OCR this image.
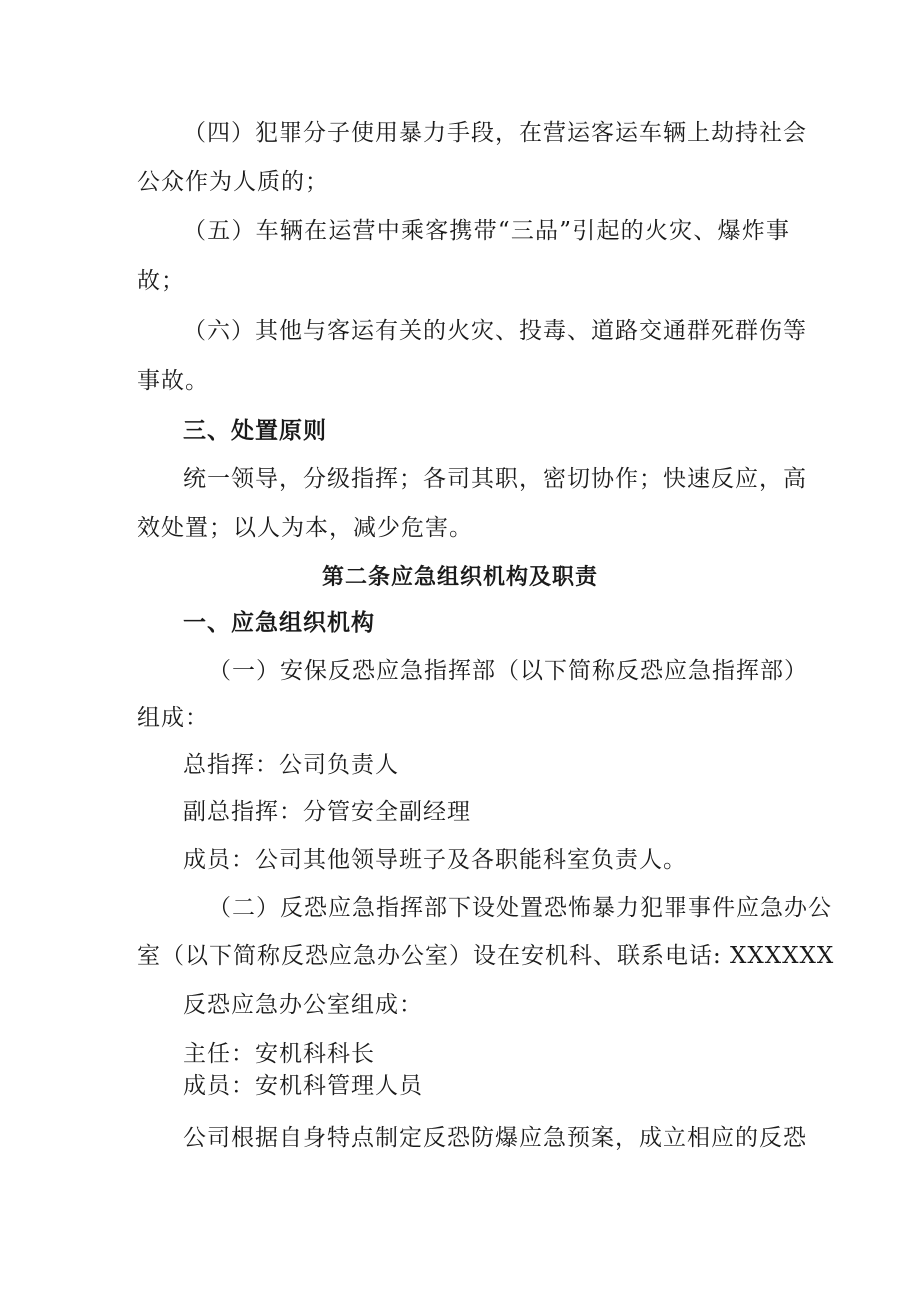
（四）犯罪分子使用暴力手段，在营运客运车辆上劫持社会
公众作为人质的；
（五）车辆在运营中乘客携带“三品”引起的火灾、爆炸事
故；
（六）其他与客运有关的火灾、投毒、道路交通群死群伤等
事故。
三、处置原则
统一领导，分级指挥；各司其职，密切协作；快速反应，高
效处置；以人为本，减少危害。
第二条应急组织机构及职责
一、应急组织机构
（一）安保反恐应急指挥部（以下简称反恐应急指挥部）
组成：
总指挥：公司负责人
副总指挥：分管安全副经理
成员：公司其他领导班子及各职能科室负责人。
（二）反恐应急指挥部下设处置恐怖暴力犯罪事件应急办公
室（以下简称反恐应急办公室）设在安机科、联系电话: XXXXXX
反恐应急办公室组成：
主任：安机科科长
成员：安机科管理人员
公司根据自身特点制定反恐防爆应急预案，成立相应的反恐
